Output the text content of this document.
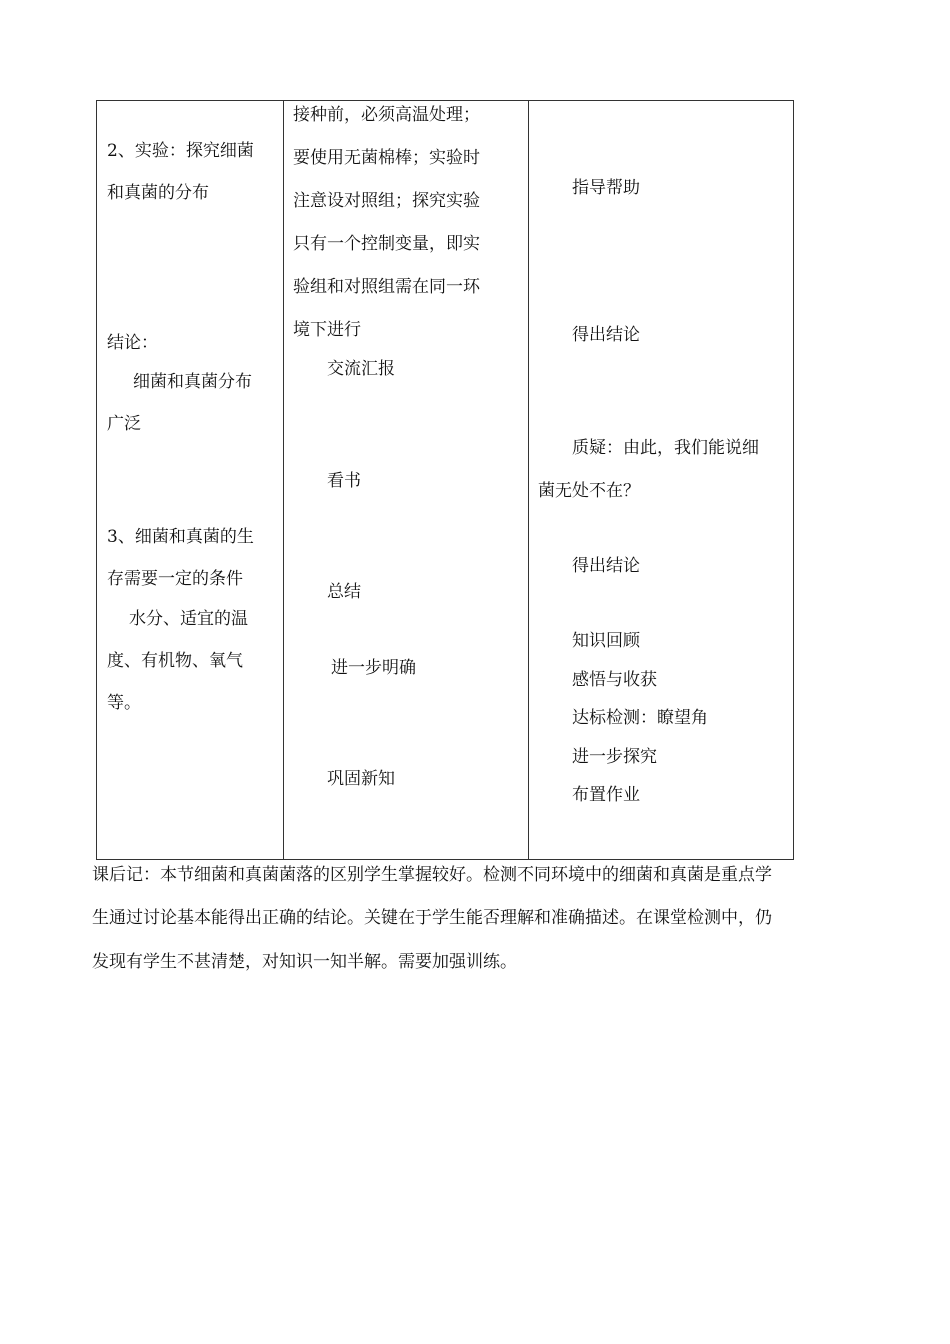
2、实验：探究细菌
和真菌的分布
结论：
细菌和真菌分布
广泛
3、细菌和真菌的生
存需要一定的条件
水分、适宜的温
度、有机物、氧气
等。
接种前，必须高温处理；
要使用无菌棉棒；实验时
注意设对照组；探究实验
只有一个控制变量，即实
验组和对照组需在同一环
境下进行
交流汇报
看书
总结
进一步明确
巩固新知
指导帮助
得出结论
质疑：由此，我们能说细
菌无处不在？
得出结论
知识回顾
感悟与收获
达标检测：瞭望角
进一步探究
布置作业
课后记：本节细菌和真菌菌落的区别学生掌握较好。检测不同环境中的细菌和真菌是重点学
生通过讨论基本能得出正确的结论。关键在于学生能否理解和准确描述。在课堂检测中，仍
发现有学生不甚清楚，对知识一知半解。需要加强训练。
